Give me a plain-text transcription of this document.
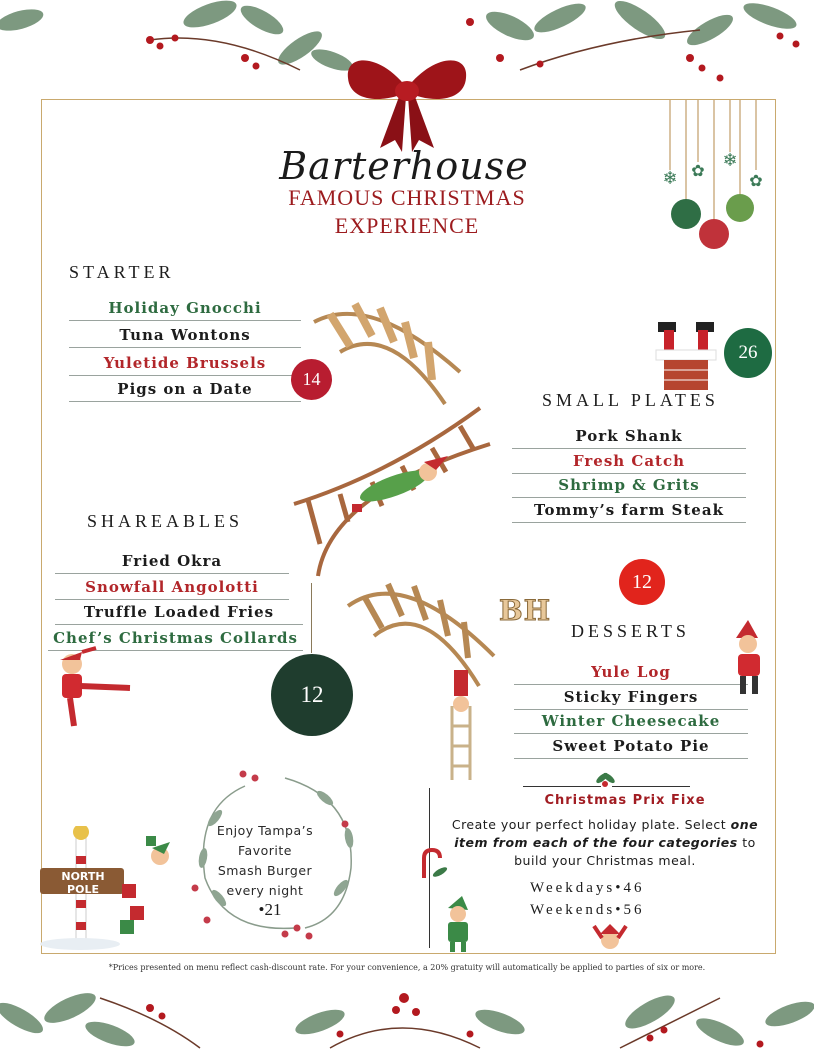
❄
❄
✿
✿
Barterhouse
FAMOUS CHRISTMAS
EXPERIENCE
STARTER
Holiday Gnocchi
Tuna Wontons
Yuletide Brussels
Pigs on a Date	14
26
SMALL PLATES
Pork Shank
Fresh Catch
Shrimp & Grits
Tommy’s farm Steak
SHAREABLES
Fried Okra
Snowfall Angolotti
Truffle Loaded Fries
Chef’s Christmas Collards
12
12
BH
DESSERTS
Yule Log
Sticky Fingers
Winter Cheesecake
Sweet Potato Pie
Enjoy Tampa’s
Favorite
Smash Burger
every night
•21
NORTH POLE
Christmas Prix Fixe
Create your perfect holiday plate. Select one item from each of the four categories to build your Christmas meal.
Weekdays•46
Weekends•56
*Prices presented on menu reflect cash-discount rate. For your convenience, a 20% gratuity will automatically be applied to parties of six or more.
